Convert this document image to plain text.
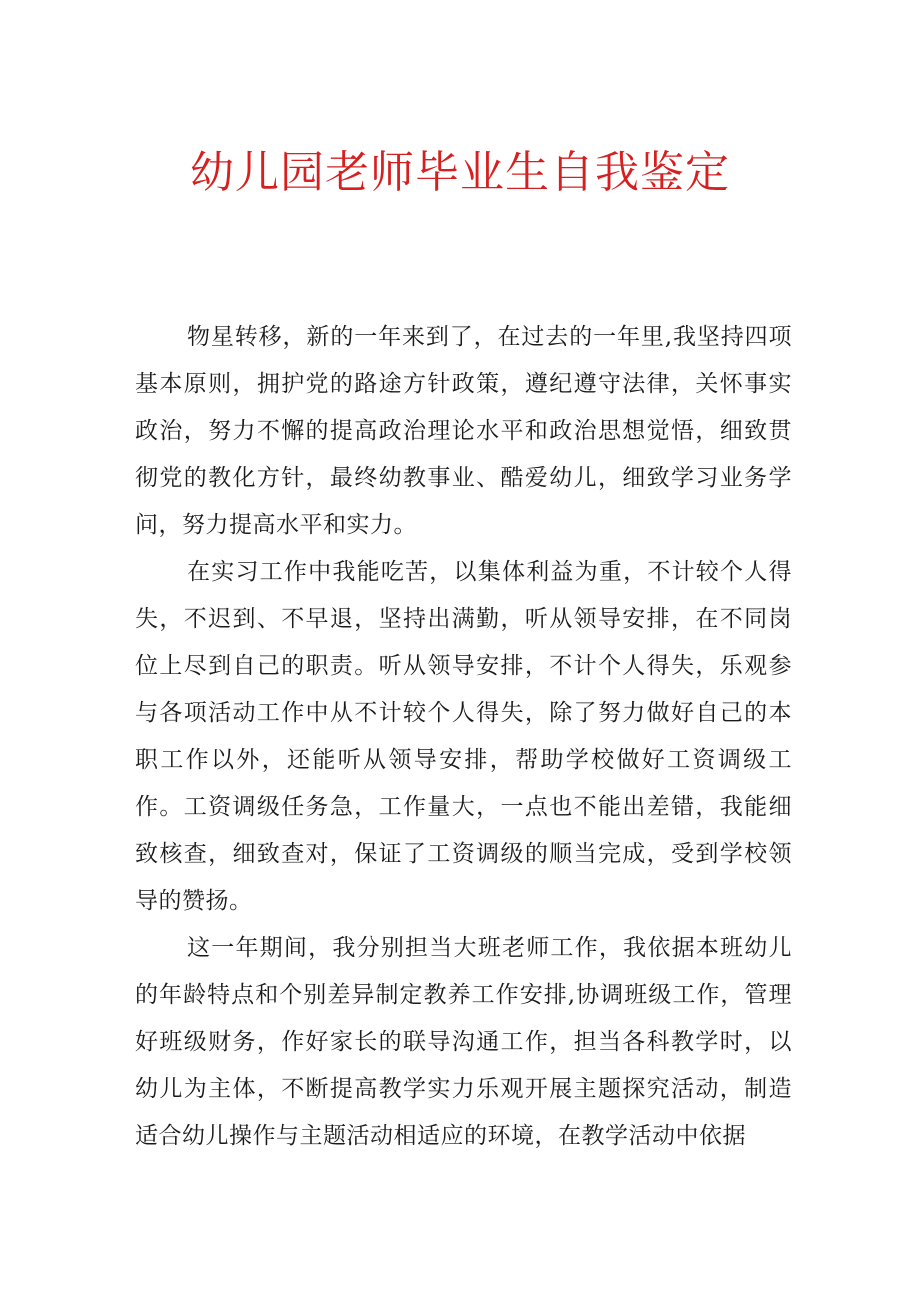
幼儿园老师毕业生自我鉴定

物星转移，新的一年来到了，在过去的一年里,我坚持四项基本原则，拥护党的路途方针政策，遵纪遵守法律，关怀事实政治，努力不懈的提高政治理论水平和政治思想觉悟，细致贯彻党的教化方针，最终幼教事业、酷爱幼儿，细致学习业务学问，努力提高水平和实力。

在实习工作中我能吃苦，以集体利益为重，不计较个人得失，不迟到、不早退，坚持出满勤，听从领导安排，在不同岗位上尽到自己的职责。听从领导安排，不计个人得失，乐观参与各项活动工作中从不计较个人得失，除了努力做好自己的本职工作以外，还能听从领导安排，帮助学校做好工资调级工作。工资调级任务急，工作量大，一点也不能出差错，我能细致核查，细致查对，保证了工资调级的顺当完成，受到学校领导的赞扬。

这一年期间，我分别担当大班老师工作，我依据本班幼儿的年龄特点和个别差异制定教养工作安排,协调班级工作，管理好班级财务，作好家长的联导沟通工作，担当各科教学时，以幼儿为主体，不断提高教学实力乐观开展主题探究活动，制造适合幼儿操作与主题活动相适应的环境，在教学活动中依据
